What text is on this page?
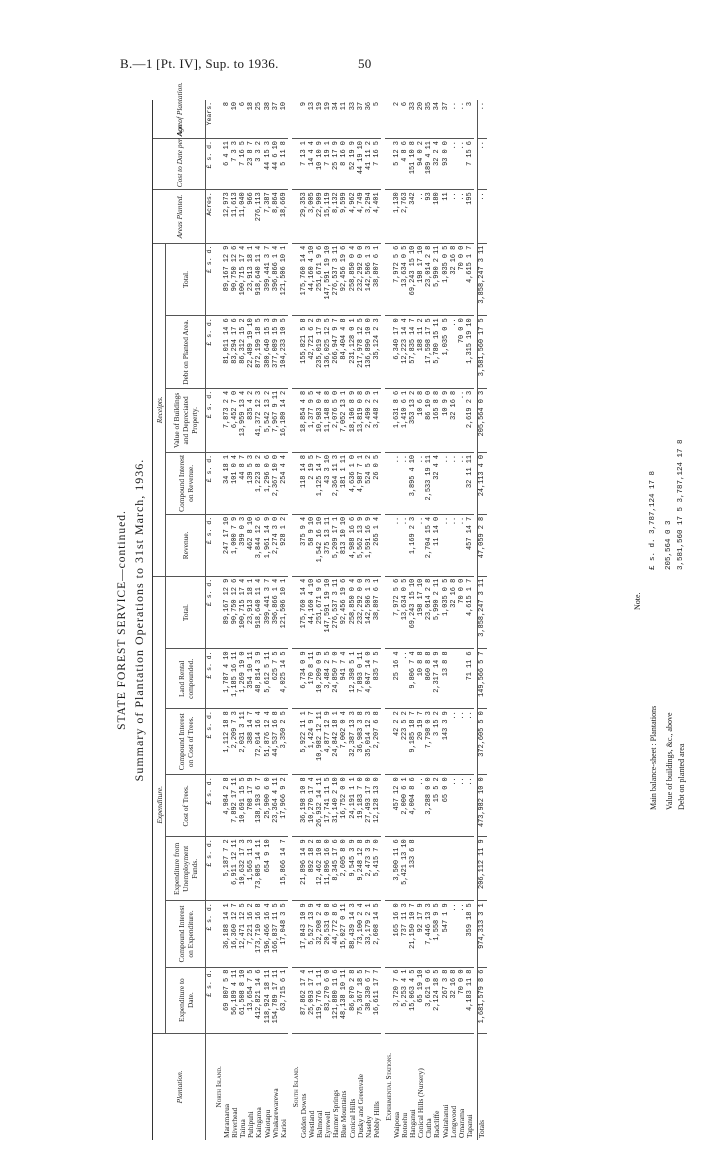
B.—1 [Pt. IV], Sup. to 1936.	50
STATE FOREST SERVICE—continued. Summary of Plantation Operations to 31st March, 1936.
Plantation.	Expenditure.							Receipts.					Areas Planted.	Cost to Date per Acre.	Age of Plantation.
	Expenditure to Date.	Compound Interest on Expenditure.	Expenditure from Unemployment Funds.	Cost of Trees.	Compound Interest on Cost of Trees.	Land Rental compounded.	Total.	Revenue.	Compound Interest on Revenue.	Value of Buildings and Depreciated Property.	Debt on Planted Area.	Total.			
	£ s. d.	£ s. d.	£ s. d.	£ s. d.	£ s. d.	£ s. d.	£ s. d.	£ s. d.	£ s. d.	£ s. d.	£ s. d.	£ s. d.	Acres.	£ s. d.	Years.
North Island.															
Maramarua	69 807 5 8	36,188 14 1	5,187 7 2	4,984 2 8	1,112 18 8	1,787 4 10	89,167 12 9	247 17 10	34 18 1	7,873 2 4	81,011 14 6	89,167 12 9	12,973	6 4 11	8
Riverhead	56,189 4 11	16,360 12 7	6,911 12 11	7,892 17 11	2,209 7 3	1,185 16 11	90,750 12 6	1,000 7 9	101 0 4	6,452 7 0	83,294 17 6	90,750 12 6	11,613	7 3 3	10
Tairua	61,508 8 10	12,471 12 5	10,632 17 3	10,691 15 5	2,031 3 11	1,269 19 0	100,715 17 4	399 0 3	44 8 7	13,959 13 4	86,312 15 2	100,715 17 4	11,040	7 16 5	6
Puhipuhi	13,654 7 5	7,221 16 2	1,565 11 3	708 17 9	388 14 7	354 10 11	23,913 18 1	462 8 10	139 5 3	835 4 2	22,489 19 10	23,913 18 1	966	23 8 7	18
Kaingaroa	412,821 14 6	173,710 16 8	73,085 14 11	138,193 6 7	72,014 16 4	48,814 3 9	918,640 11 4	3,844 12 6	1,223 8 2	41,372 12 3	872,199 18 5	918,640 11 4	276,113	3 3 2	25
Waiotapu	118,924 18 11	196,466 16 4	654 9 10	25,900 6 0	51,876 12 4	5,612 5 11	399,441 3 7	1,961 14 9	1,296 0 6	5,542 13 2	380,640 15 3	399,441 3 7	7,387	44 15 3	38
Whakarewarewa	154,789 17 11	166,837 11 5		23,364 4 11	44,537 16 8	625 7 5	396,866 1 4	2,274 3 0	2,367 10 0	7,967 9 11	377,089 15 9	396,866 1 4	8,864	44 6 10	37
Karioi	63,715 6 1	17,048 3 5	15,866 14 7	17,966 9 2	3,350 2 5	4,025 14 5	121,506 10 1	928 1 2	254 4 4	16,180 14 2	104,233 10 5	121,506 10 1	18,669	5 11 8	10

South Island.															
Golden Downs	87,862 17 4	17,843 10 9	21,896 14 9	36,198 10 8	5,922 11 1	6,734 0 9	175,760 14 4	375 9 4	118 14 8	18,854 4 8	155,821 5 8	175,760 14 4	29,353	7 13 1	9
Westland	25,093 17 1	5,527 13 9	892 18 2	10,270 17 4	1,424 9 7	170 8 11	44,160 4 10	58 9 10	2 19 5	1,377 9 5	42,721 6 2	44,160 4 10	3,005	14 4 4	13
Balmoral	119,776 1 11	32,208 2 4	12,462 10 8	26,932 14 11	10,982 12 11	10,209 0 9	251,671 9 6	1,542 16 10	1,125 14 7	10,983 0 4	235,019 17 9	251,671 9 6	22,909	10 10 9	19
Eyrewell	83,270 6 0	20,531 0 8	11,896 16 0	17,741 11 5	4,877 12 9	3,484 2 5	147,591 19 10	375 13 11	43 3 10	11,148 8 8	136,025 12 5	147,591 19 10	15,119	7 19 1	19
Hanmer Springs	121,880 11 6	44,772 8 6	8,345 17 6	31,140 2 10	24,842 18 1	24,850 7 0	276,537 3 11	5,209 17 1	2,364 11 3	2,076 5 0	266,947 9 7	276,537 3 11	8,132	25 17 9	34
Blue Mountains	48,138 10 11	15,027 0 11	2,605 8 0	16,752 0 0	7,002 0 4	941 7 4	92,456 19 6	813 10 10	181 1 11	7,052 13 1	84,404 4 8	92,456 19 6	9,599	8 16 0	11
Conical Hills	86,070 2 8	88,439 14 3	9,545 3 9	24,191 1 1	32,387 13 3	12,398 5 1	258,850 0 4	4,988 16 6	4,636 1 0	18,106 8 9	231,128 0 1	258,850 0 4	4,962	52 19 9	33
Dusky and Greenvale	75,367 18 5	73,100 2 4	9,248 12 8	19,183 7 0	36,983 3 8	7,893 0 11	232,292 0 0	5,562 13 9	4,987 7 1	13,819 0 8	217,978 12 5	232,292 0 0	4,749	44 19 10	37
Naseby	38,330 6 7	33,179 2 1	2,473 3 9	27,493 17 0	35,014 12 3	4,047 14 0	142,506 1 3	1,591 16 9	524 5 2	2,490 2 9	136,890 10 0	142,506 1 3	3,294	41 11 2	36
Pebbly Hills	16,611 17 7	2,608 14 5	5,415 7 0	12,128 13 0	2,207 6 8	835 7 5	38,807 6 1	265 1 4	26 0 5	3,448 2 1	35,124 2 3	38,807 6 1	4,401	7 16 5	5

Experimental Stations.															
Waipoua	3,720 7 6	165 16 0	3,500 11 6	457 12 0	42 2 2	25 16 4	7,972 5 6	..	..	1,631 8 6	6,340 17 0	7,972 5 6	1,130	5 12 3	2
Rotoehu	5,253 4 1	737 11 3	5,421 13 10	2,000 6 1	223 5 2	..	13,634 0 5	..	..	1,410 6 1	12,223 14 4	13,634 0 5	2,763	4 8 6	6
Hanganui	15,063 4 5	21,150 10 7	133 6 8	4,004 8 6	9,185 18 7	9,806 7 4	69,243 15 10	1,169 2 3	3,895 4 10	353 13 2	57,835 14 7	69,243 15 10	342	151 10 8	33
Conical Hills (Nursery)	65 19 10	92 17 9		..	20 19 7	10 8 8	198 17 10	..	..	10 6 8	188 11 2	198 17 10	..	94 0 2	20
Clutha	3,621 0 6	7,446 13 3		3,288 0 0	7,798 0 3	860 8 8	23,014 2 8	2,704 15 4	2,533 19 11	86 10 0	17,598 17 5	23,014 2 8	93	189 4 11	35
Radcliffe	2,124 18 5	1,558 9 5		15 5 2	3 15 2	2,317 14 9	5,990 2 11	11 14 0	32 4 4	165 8 8	5,780 15 11	5,990 2 11	180	32 2 4	34
Waitahanui	267 3 8	547 1 9		65 0 0	143 3 9	13 8 8	1,035 0 5	..	..	10 9 9	1,035 0 5	1,035 0 5	11	93 0 0	37
Longwood	32 16 8	..		..	..		32 16 8	..	..	32 16 8	..	32 16 8	..	..	..
Omarama	70 0 0	..		..	..		70 0 0	..	..	..	70 0 0	70 0 0	..	..	..
Tapanui	4,183 11 8	359 18 5		..	..	71 11 6	4,615 1 7	457 14 7	32 11 11	2,619 2 3	1,315 19 10	4,615 1 7	195	7 15 6	3

Totals	1,681,579 8 6	974,313 3 1	206,112 11 9	473,982 10 0	372,605 5 0	149,566 5 7	3,858,247 3 11	47,059 2 8	24,113 4 0	205,564 0 3	3,581,560 17 5	3,858,247 3 11	..	..	..
Note.
Main balance-sheet : Plantations
£ s. d. 3,787,124 17 8
Value of buildings, &c., above
205,564 0 3
Debt on planted area
3,581,560 17 5 3,787,124 17 8
